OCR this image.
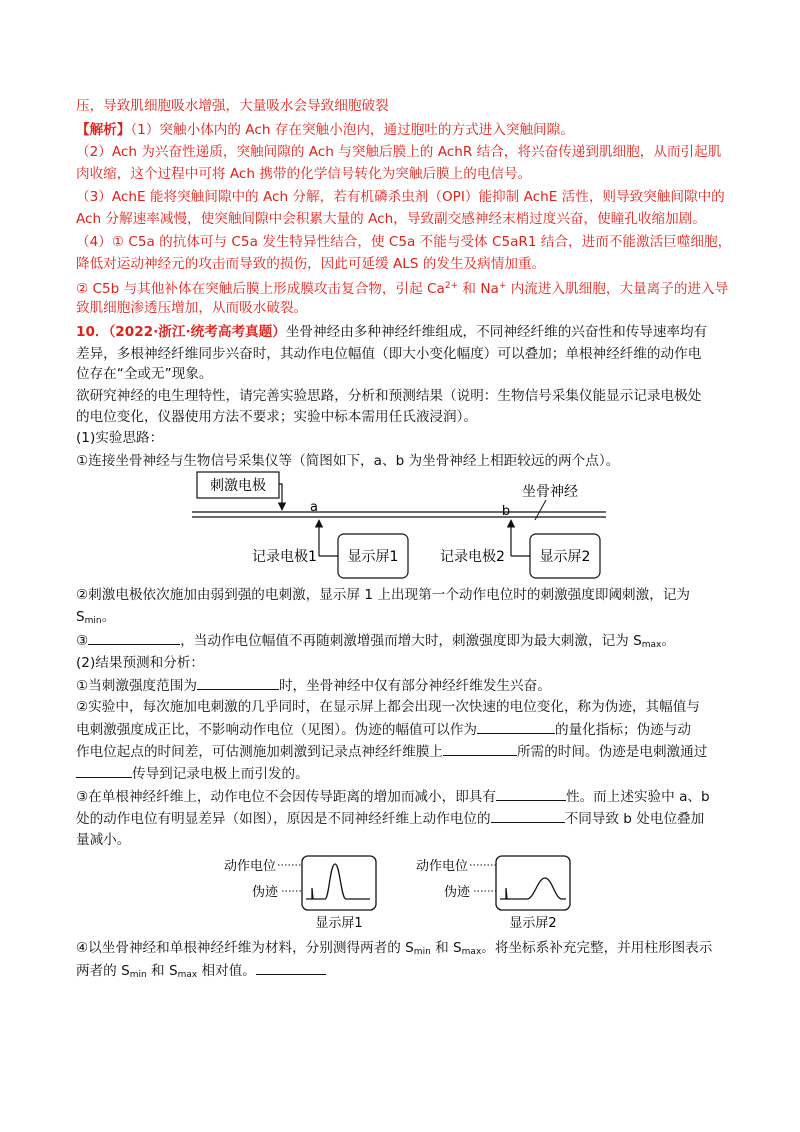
压，导致肌细胞吸水增强，大量吸水会导致细胞破裂
【解析】（1）突触小体内的 Ach 存在突触小泡内，通过胞吐的方式进入突触间隙。
（2）Ach 为兴奋性递质，突触间隙的 Ach 与突触后膜上的 AchR 结合，将兴奋传递到肌细胞，从而引起肌
肉收缩，这个过程中可将 Ach 携带的化学信号转化为突触后膜上的电信号。
（3）AchE 能将突触间隙中的 Ach 分解，若有机磷杀虫剂（OPI）能抑制 AchE 活性，则导致突触间隙中的
Ach 分解速率减慢，使突触间隙中会积累大量的 Ach，导致副交感神经末梢过度兴奋，使瞳孔收缩加剧。
（4）① C5a 的抗体可与 C5a 发生特异性结合，使 C5a 不能与受体 C5aR1 结合，进而不能激活巨噬细胞，
降低对运动神经元的攻击而导致的损伤，因此可延缓 ALS 的发生及病情加重。
② C5b 与其他补体在突触后膜上形成膜攻击复合物，引起 $Ca^{2+}$ 和 Na+ 内流进入肌细胞，大量离子的进入导
致肌细胞渗透压增加，从而吸水破裂。
10．（2022·浙江·统考高考真题）坐骨神经由多种神经纤维组成，不同神经纤维的兴奋性和传导速率均有
差异，多根神经纤维同步兴奋时，其动作电位幅值（即大小变化幅度）可以叠加；单根神经纤维的动作电
位存在“全或无”现象。
欲研究神经的电生理特性，请完善实验思路，分析和预测结果（说明：生物信号采集仪能显示记录电极处
的电位变化，仪器使用方法不要求；实验中标本需用任氏液浸润）。
(1)实验思路：
①连接坐骨神经与生物信号采集仪等（简图如下，a、b 为坐骨神经上相距较远的两个点）。
刺激电极
a	b
坐骨神经
记录电极1 显示屏1	记录电极2 显示屏2
②刺激电极依次施加由弱到强的电刺激，显示屏 1 上出现第一个动作电位时的刺激强度即阈刺激，记为
$S_{min}$。
③	，当动作电位幅值不再随刺激增强而增大时，刺激强度即为最大刺激，记为 $S_{max}$。
(2)结果预测和分析：
①当刺激强度范围为	时，坐骨神经中仅有部分神经纤维发生兴奋。
②实验中，每次施加电刺激的几乎同时，在显示屏上都会出现一次快速的电位变化，称为伪迹，其幅值与
电刺激强度成正比，不影响动作电位（见图）。伪迹的幅值可以作为	的量化指标；伪迹与动
作电位起点的时间差，可估测施加刺激到记录点神经纤维膜上	所需的时间。伪迹是电刺激通过
传导到记录电极上而引发的。
③在单根神经纤维上，动作电位不会因传导距离的增加而减小，即具有	性。而上述实验中 a、b
处的动作电位有明显差异（如图），原因是不同神经纤维上动作电位的	不同导致 b 处电位叠加
量减小。
动作电位
伪迹
显示屏1
动作电位
伪迹
显示屏2
④以坐骨神经和单根神经纤维为材料，分别测得两者的 $S_{min}$ 和 $S_{max}$。将坐标系补充完整，并用柱形图表示
两者的 $S_{min}$ 和 $S_{max}$ 相对值。
